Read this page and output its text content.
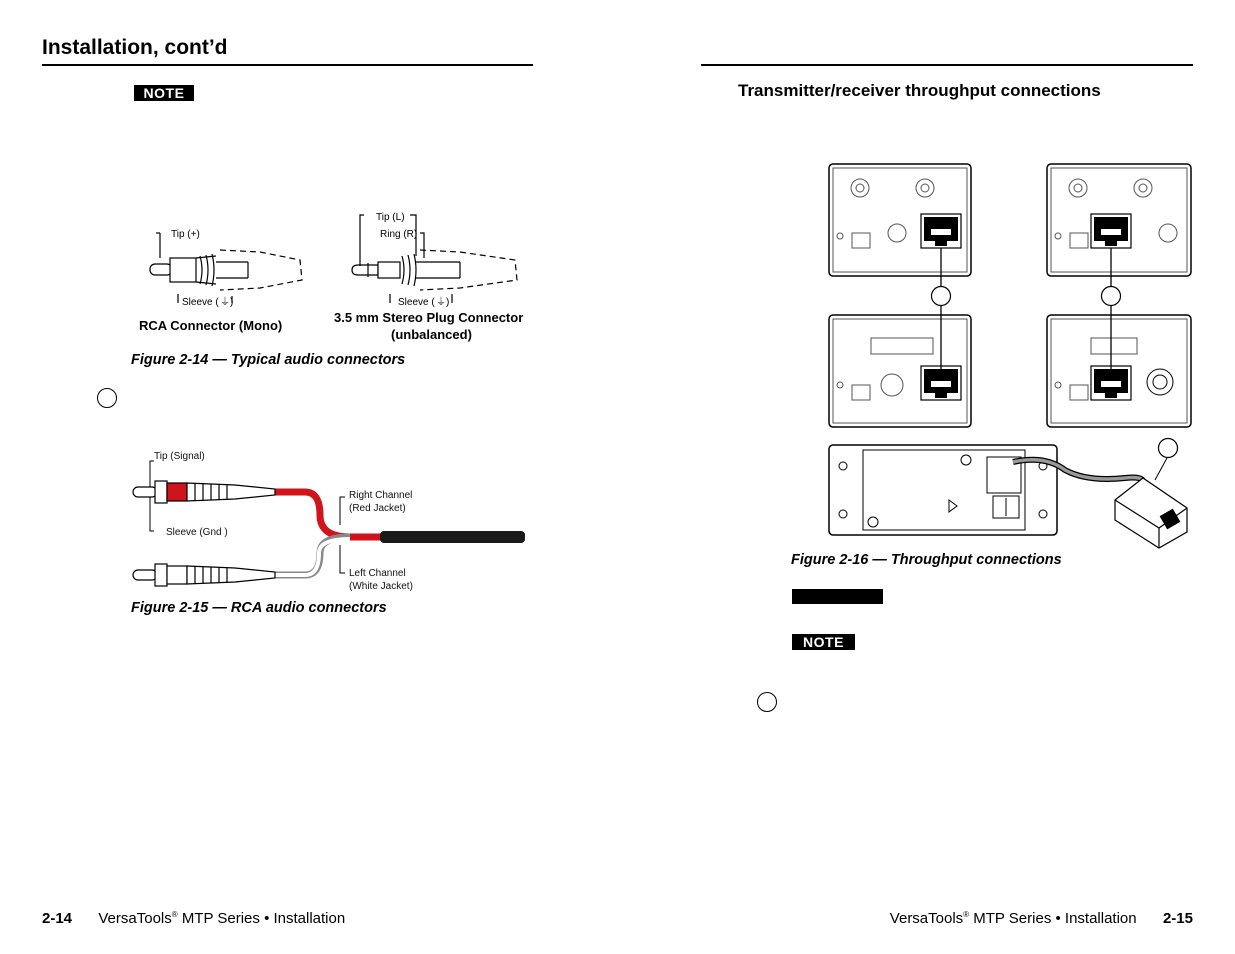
Installation, cont’d
NOTE
Tip (+)
Sleeve ( ⏚)
Tip (L)
Ring (R)
Sleeve ( ⏚)
RCA Connector (Mono)
3.5 mm Stereo Plug Connector
(unbalanced)
Figure 2-14 — Typical audio connectors
Tip (Signal)
Sleeve (Gnd )
Right Channel
(Red Jacket)
Left Channel
(White Jacket)
Figure 2-15 — RCA audio connectors
2-14 VersaTools® MTP Series • Installation
Transmitter/receiver throughput connections
Figure 2-16 — Throughput connections
NOTE
VersaTools® MTP Series • Installation 2-15
